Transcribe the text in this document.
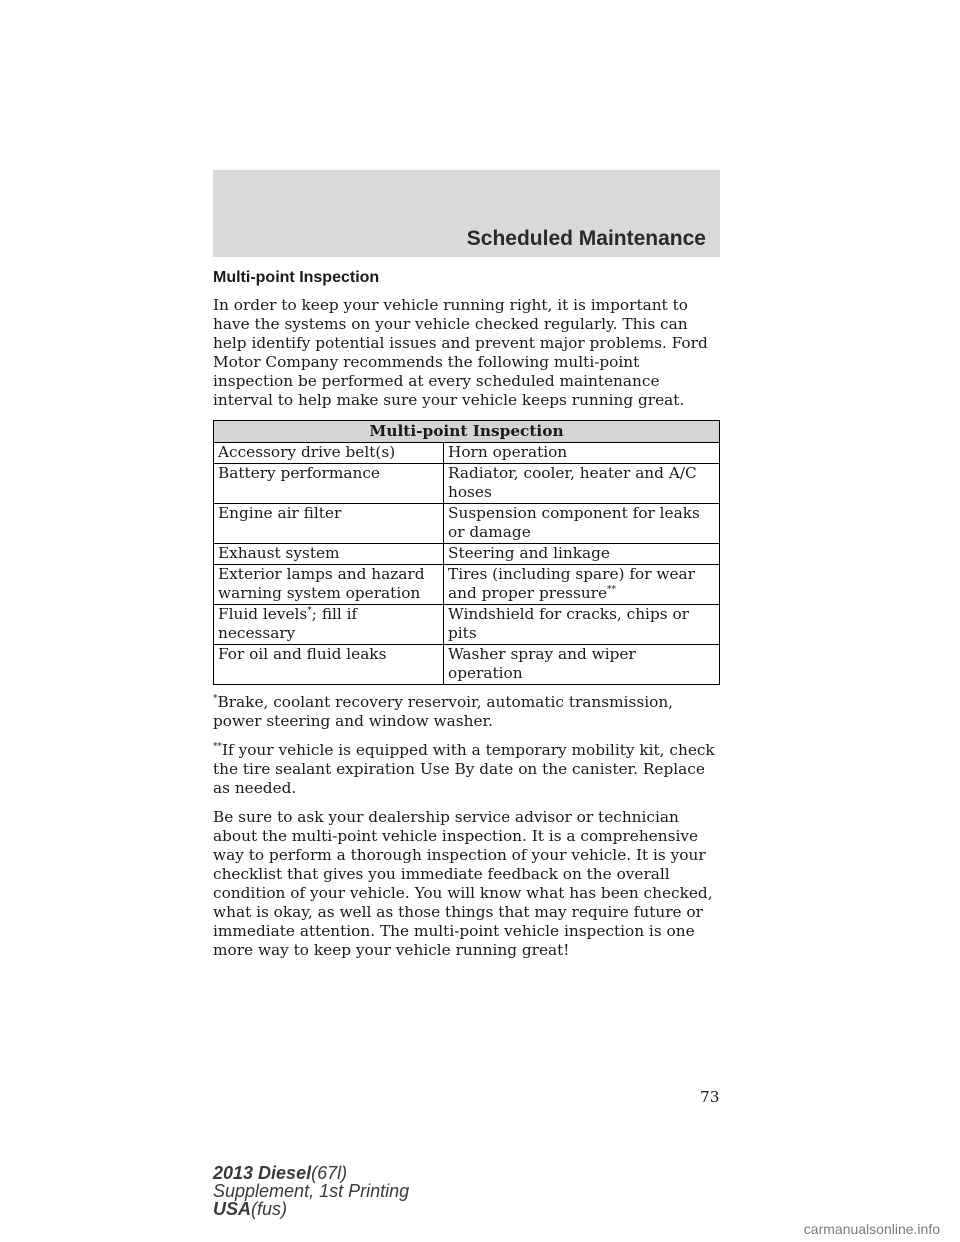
Scheduled Maintenance
Multi-point Inspection

In order to keep your vehicle running right, it is important to have the systems on your vehicle checked regularly. This can help identify potential issues and prevent major problems. Ford Motor Company recommends the following multi-point inspection be performed at every scheduled maintenance interval to help make sure your vehicle keeps running great.

Multi-point Inspection	
Accessory drive belt(s)	Horn operation
Battery performance	Radiator, cooler, heater and A/C hoses
Engine air filter	Suspension component for leaks or damage
Exhaust system	Steering and linkage
Exterior lamps and hazard warning system operation	Tires (including spare) for wear and proper pressure**
Fluid levels*; fill if necessary	Windshield for cracks, chips or pits
For oil and fluid leaks	Washer spray and wiper operation

*Brake, coolant recovery reservoir, automatic transmission, power steering and window washer.

**If your vehicle is equipped with a temporary mobility kit, check the tire sealant expiration Use By date on the canister. Replace as needed.

Be sure to ask your dealership service advisor or technician about the multi-point vehicle inspection. It is a comprehensive way to perform a thorough inspection of your vehicle. It is your checklist that gives you immediate feedback on the overall condition of your vehicle. You will know what has been checked, what is okay, as well as those things that may require future or immediate attention. The multi-point vehicle inspection is one more way to keep your vehicle running great!

73
2013 Diesel(67l)
Supplement, 1st Printing
USA(fus)
carmanualsonline.info
